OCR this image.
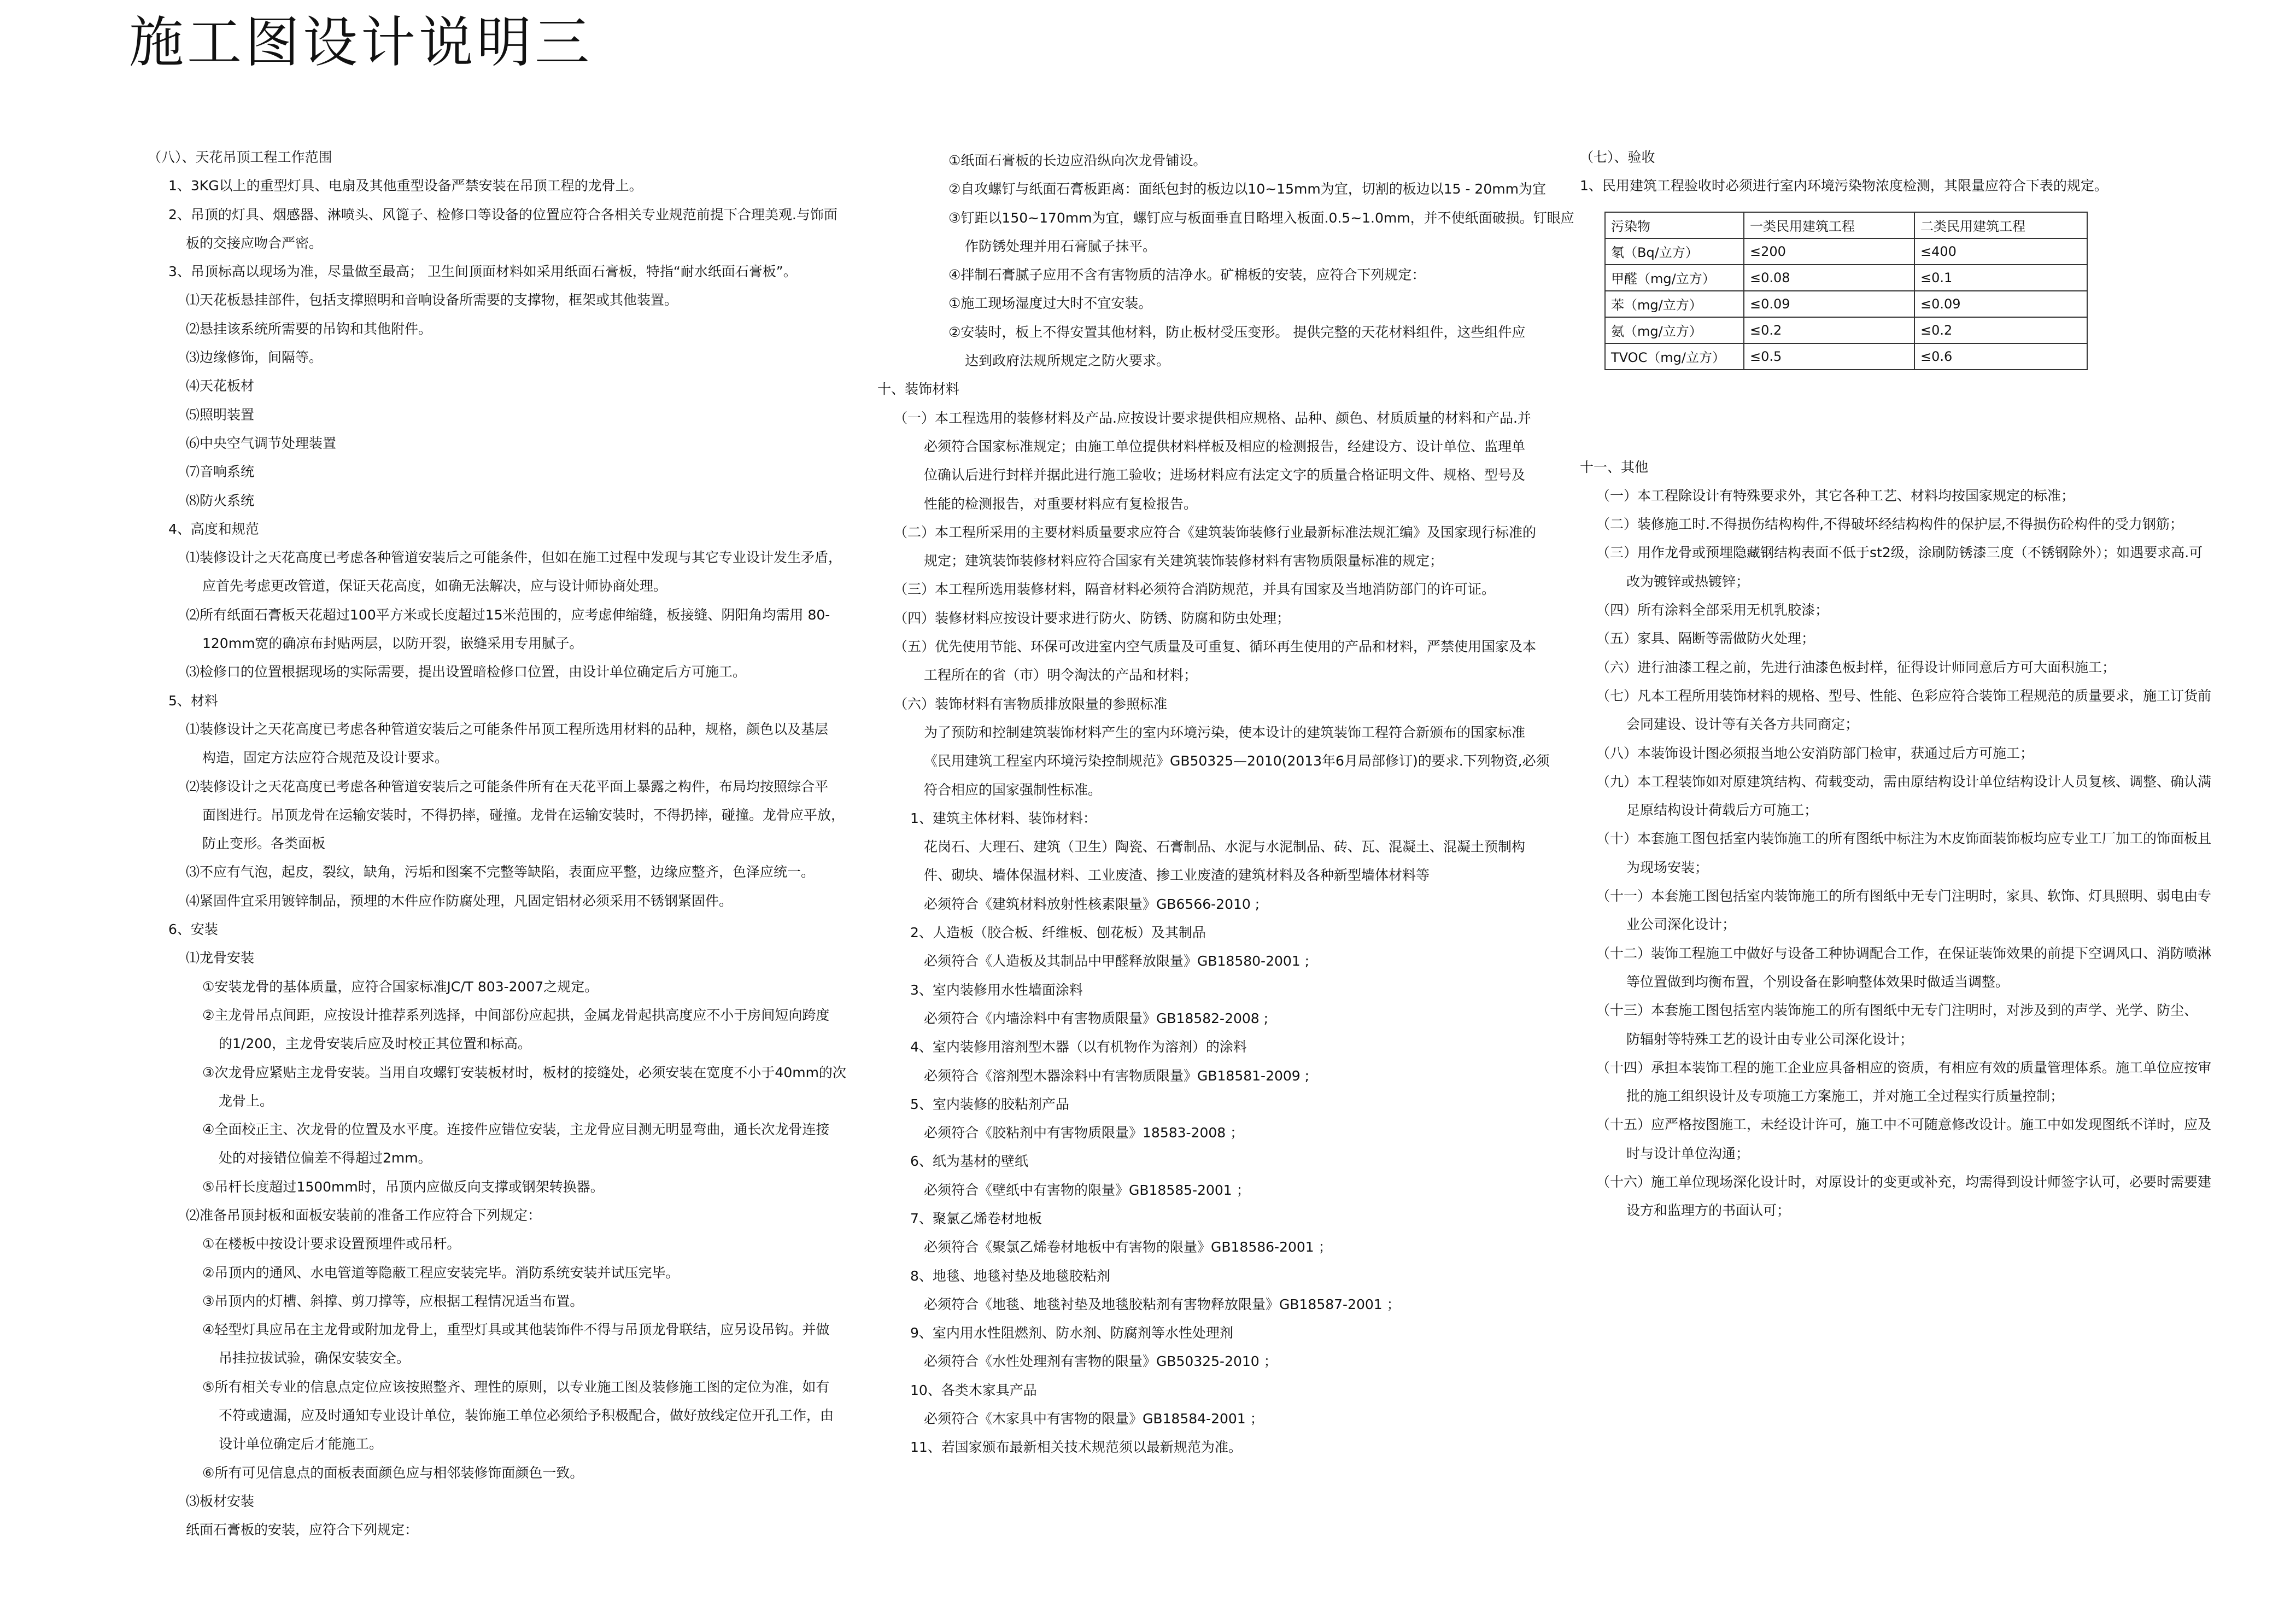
施工图设计说明三
（八）、天花吊顶工程工作范围
1、3KG以上的重型灯具、电扇及其他重型设备严禁安装在吊顶工程的龙骨上。
2、吊顶的灯具、烟感器、淋喷头、风篦子、检修口等设备的位置应符合各相关专业规范前提下合理美观.与饰面
板的交接应吻合严密。
3、吊顶标高以现场为准，尽量做至最高； 卫生间顶面材料如采用纸面石膏板，特指“耐水纸面石膏板”。
⑴天花板悬挂部件，包括支撑照明和音响设备所需要的支撑物，框架或其他装置。
⑵悬挂该系统所需要的吊钩和其他附件。
⑶边缘修饰，间隔等。
⑷天花板材
⑸照明装置
⑹中央空气调节处理装置
⑺音响系统
⑻防火系统
4、高度和规范
⑴装修设计之天花高度已考虑各种管道安装后之可能条件，但如在施工过程中发现与其它专业设计发生矛盾，
应首先考虑更改管道，保证天花高度，如确无法解决，应与设计师协商处理。
⑵所有纸面石膏板天花超过100平方米或长度超过15米范围的，应考虑伸缩缝，板接缝、阴阳角均需用 80-
120mm宽的确凉布封贴两层，以防开裂，嵌缝采用专用腻子。
⑶检修口的位置根据现场的实际需要，提出设置暗检修口位置，由设计单位确定后方可施工。
5、材料
⑴装修设计之天花高度已考虑各种管道安装后之可能条件吊顶工程所选用材料的品种，规格，颜色以及基层
构造，固定方法应符合规范及设计要求。
⑵装修设计之天花高度已考虑各种管道安装后之可能条件所有在天花平面上暴露之构件，布局均按照综合平
面图进行。吊顶龙骨在运输安装时，不得扔摔，碰撞。龙骨在运输安装时，不得扔摔，碰撞。龙骨应平放，
防止变形。各类面板
⑶不应有气泡，起皮，裂纹，缺角，污垢和图案不完整等缺陷，表面应平整，边缘应整齐，色泽应统一。
⑷紧固件宜采用镀锌制品，预埋的木件应作防腐处理，凡固定铝材必须采用不锈钢紧固件。
6、安装
⑴龙骨安装
①安装龙骨的基体质量，应符合国家标准JC/T 803-2007之规定。
②主龙骨吊点间距，应按设计推荐系列选择，中间部份应起拱，金属龙骨起拱高度应不小于房间短向跨度
的1/200，主龙骨安装后应及时校正其位置和标高。
③次龙骨应紧贴主龙骨安装。当用自攻螺钉安装板材时，板材的接缝处，必须安装在宽度不小于40mm的次
龙骨上。
④全面校正主、次龙骨的位置及水平度。连接件应错位安装，主龙骨应目测无明显弯曲，通长次龙骨连接
处的对接错位偏差不得超过2mm。
⑤吊杆长度超过1500mm时，吊顶内应做反向支撑或钢架转换器。
⑵准备吊顶封板和面板安装前的准备工作应符合下列规定：
①在楼板中按设计要求设置预埋件或吊杆。
②吊顶内的通风、水电管道等隐蔽工程应安装完毕。消防系统安装并试压完毕。
③吊顶内的灯槽、斜撑、剪刀撑等，应根据工程情况适当布置。
④轻型灯具应吊在主龙骨或附加龙骨上，重型灯具或其他装饰件不得与吊顶龙骨联结，应另设吊钩。并做
吊挂拉拔试验，确保安装安全。
⑤所有相关专业的信息点定位应该按照整齐、理性的原则，以专业施工图及装修施工图的定位为准，如有
不符或遗漏，应及时通知专业设计单位，装饰施工单位必须给予积极配合，做好放线定位开孔工作，由
设计单位确定后才能施工。
⑥所有可见信息点的面板表面颜色应与相邻装修饰面颜色一致。
⑶板材安装
纸面石膏板的安装，应符合下列规定：
①纸面石膏板的长边应沿纵向次龙骨铺设。
②自攻螺钉与纸面石膏板距离：面纸包封的板边以10~15mm为宜，切割的板边以15 - 20mm为宜
③钉距以150~170mm为宜，螺钉应与板面垂直目略埋入板面.0.5~1.0mm，并不使纸面破损。钉眼应
作防锈处理并用石膏腻子抹平。
④拌制石膏腻子应用不含有害物质的洁净水。矿棉板的安装，应符合下列规定：
①施工现场湿度过大时不宜安装。
②安装时，板上不得安置其他材料，防止板材受压变形。 提供完整的天花材料组件，这些组件应
达到政府法规所规定之防火要求。
十、装饰材料
（一）本工程选用的装修材料及产品.应按设计要求提供相应规格、品种、颜色、材质质量的材料和产品.并
必须符合国家标准规定；由施工单位提供材料样板及相应的检测报告，经建设方、设计单位、监理单
位确认后进行封样并据此进行施工验收；进场材料应有法定文字的质量合格证明文件、规格、型号及
性能的检测报告，对重要材料应有复检报告。
（二）本工程所采用的主要材料质量要求应符合《建筑装饰装修行业最新标准法规汇编》及国家现行标准的
规定；建筑装饰装修材料应符合国家有关建筑装饰装修材料有害物质限量标准的规定；
（三）本工程所选用装修材料，隔音材料必须符合消防规范，并具有国家及当地消防部门的许可证。
（四）装修材料应按设计要求进行防火、防锈、防腐和防虫处理；
（五）优先使用节能、环保可改进室内空气质量及可重复、循环再生使用的产品和材料，严禁使用国家及本
工程所在的省（市）明令淘汰的产品和材料；
（六）装饰材料有害物质排放限量的参照标准
为了预防和控制建筑装饰材料产生的室内环境污染，使本设计的建筑装饰工程符合新颁布的国家标准
《民用建筑工程室内环境污染控制规范》GB50325—2010(2013年6月局部修订)的要求.下列物资,必须
符合相应的国家强制性标准。
1、建筑主体材料、装饰材料：
花岗石、大理石、建筑（卫生）陶瓷、石膏制品、水泥与水泥制品、砖、瓦、混凝土、混凝土预制构
件、砌块、墙体保温材料、工业废渣、掺工业废渣的建筑材料及各种新型墙体材料等
必须符合《建筑材料放射性核素限量》GB6566-2010 ;
2、人造板（胶合板、纤维板、刨花板）及其制品
必须符合《人造板及其制品中甲醛释放限量》GB18580-2001 ;
3、室内装修用水性墙面涂料
必须符合《内墙涂料中有害物质限量》GB18582-2008 ;
4、室内装修用溶剂型木器（以有机物作为溶剂）的涂料
必须符合《溶剂型木器涂料中有害物质限量》GB18581-2009 ;
5、室内装修的胶粘剂产品
必须符合《胶粘剂中有害物质限量》18583-2008 ；
6、纸为基材的壁纸
必须符合《壁纸中有害物的限量》GB18585-2001 ；
7、聚氯乙烯卷材地板
必须符合《聚氯乙烯卷材地板中有害物的限量》GB18586-2001 ；
8、地毯、地毯衬垫及地毯胶粘剂
必须符合《地毯、地毯衬垫及地毯胶粘剂有害物释放限量》GB18587-2001 ；
9、室内用水性阻燃剂、防水剂、防腐剂等水性处理剂
必须符合《水性处理剂有害物的限量》GB50325-2010 ；
10、各类木家具产品
必须符合《木家具中有害物的限量》GB18584-2001 ；
11、若国家颁布最新相关技术规范须以最新规范为准。
（七）、验收
1、民用建筑工程验收时必须进行室内环境污染物浓度检测，其限量应符合下表的规定。
污染物	一类民用建筑工程	二类民用建筑工程
氡（Bq/立方）	≤200	≤400
甲醛（mg/立方）	≤0.08	≤0.1
苯（mg/立方）	≤0.09	≤0.09
氨（mg/立方）	≤0.2	≤0.2
TVOC（mg/立方）	≤0.5	≤0.6
十一、其他
（一）本工程除设计有特殊要求外，其它各种工艺、材料均按国家规定的标准；
（二）装修施工时.不得损伤结构构件,不得破坏经结构构件的保护层,不得损伤砼构件的受力钢筋；
（三）用作龙骨或预埋隐藏钢结构表面不低于st2级，涂刷防锈漆三度（不锈钢除外）；如遇要求高.可
改为镀锌或热镀锌；
（四）所有涂料全部采用无机乳胶漆；
（五）家具、隔断等需做防火处理；
（六）进行油漆工程之前，先进行油漆色板封样，征得设计师同意后方可大面积施工；
（七）凡本工程所用装饰材料的规格、型号、性能、色彩应符合装饰工程规范的质量要求，施工订货前
会同建设、设计等有关各方共同商定；
（八）本装饰设计图必须报当地公安消防部门检审，获通过后方可施工；
（九）本工程装饰如对原建筑结构、荷载变动，需由原结构设计单位结构设计人员复核、调整、确认满
足原结构设计荷载后方可施工；
（十）本套施工图包括室内装饰施工的所有图纸中标注为木皮饰面装饰板均应专业工厂加工的饰面板且
为现场安装；
（十一）本套施工图包括室内装饰施工的所有图纸中无专门注明时，家具、软饰、灯具照明、弱电由专
业公司深化设计；
（十二）装饰工程施工中做好与设备工种协调配合工作，在保证装饰效果的前提下空调风口、消防喷淋
等位置做到均衡布置，个别设备在影响整体效果时做适当调整。
（十三）本套施工图包括室内装饰施工的所有图纸中无专门注明时，对涉及到的声学、光学、防尘、
防辐射等特殊工艺的设计由专业公司深化设计；
（十四）承担本装饰工程的施工企业应具备相应的资质，有相应有效的质量管理体系。施工单位应按审
批的施工组织设计及专项施工方案施工，并对施工全过程实行质量控制；
（十五）应严格按图施工，未经设计许可，施工中不可随意修改设计。施工中如发现图纸不详时，应及
时与设计单位沟通；
（十六）施工单位现场深化设计时，对原设计的变更或补充，均需得到设计师签字认可，必要时需要建
设方和监理方的书面认可；
